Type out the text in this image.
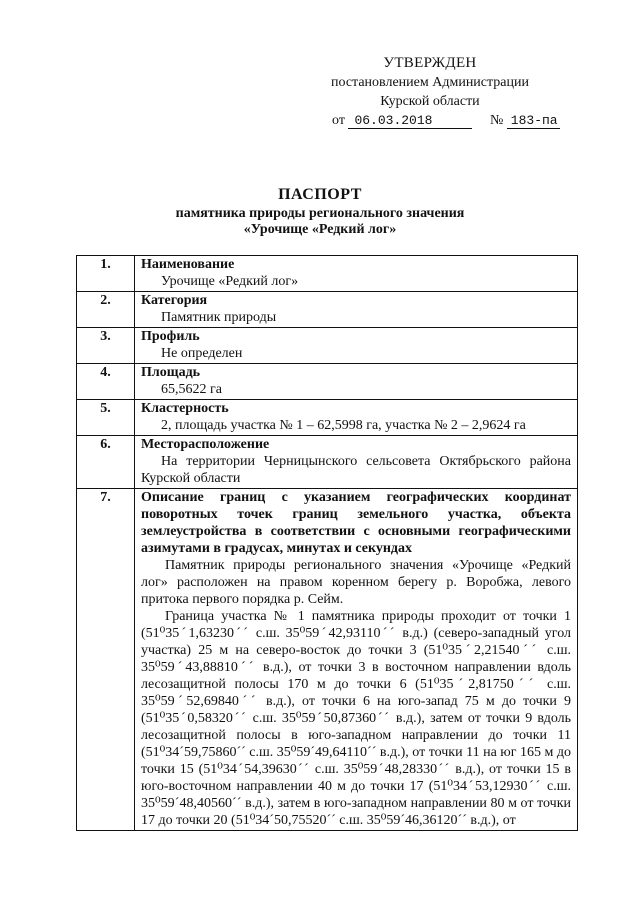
УТВЕРЖДЕН
постановлением Администрации
Курской области
от 06.03.2018	№ 183-па
ПАСПОРТ
памятника природы регионального значения
«Урочище «Редкий лог»
1.	Наименование
Урочище «Редкий лог»

2.	Категория
Памятник природы

3.	Профиль
Не определен

4.	Площадь
65,5622 га

5.	Кластерность
2, площадь участка № 1 – 62,5998 га, участка № 2 – 2,9624 га

6.	Месторасположение
На территории Черницынского сельсовета Октябрьского района Курской области

7.	Описание границ с указанием географических координат поворотных точек границ земельного участка, объекта землеустройства в соответствии с основными географическими азимутами в градусах, минутах и секундах
Памятник природы регионального значения «Урочище «Редкий лог» расположен на правом коренном берегу р. Воробжа, левого притока первого порядка р. Сейм.
Граница участка № 1 памятника природы проходит от точки 1 (51⁰35ˊ1,63230ˊˊ с.ш. 35⁰59ˊ42,93110ˊˊ в.д.) (северо-западный угол участка) 25 м на северо-восток до точки 3 (51⁰35ˊ2,21540ˊˊ с.ш. 35⁰59ˊ43,88810ˊˊ в.д.), от точки 3 в восточном направлении вдоль лесозащитной полосы 170 м до точки 6 (51⁰35ˊ2,81750ˊˊ с.ш. 35⁰59ˊ52,69840ˊˊ в.д.), от точки 6 на юго-запад 75 м до точки 9 (51⁰35ˊ0,58320ˊˊ с.ш. 35⁰59ˊ50,87360ˊˊ в.д.), затем от точки 9 вдоль лесозащитной полосы в юго-западном направлении до точки 11 (51⁰34ˊ59,75860ˊˊ с.ш. 35⁰59ˊ49,64110ˊˊ в.д.), от точки 11 на юг 165 м до точки 15 (51⁰34ˊ54,39630ˊˊ с.ш. 35⁰59ˊ48,28330ˊˊ в.д.), от точки 15 в юго-восточном направлении 40 м до точки 17 (51⁰34ˊ53,12930ˊˊ с.ш. 35⁰59ˊ48,40560ˊˊ в.д.), затем в юго-западном направлении 80 м от точки 17 до точки 20 (51⁰34ˊ50,75520ˊˊ с.ш. 35⁰59ˊ46,36120ˊˊ в.д.), от
